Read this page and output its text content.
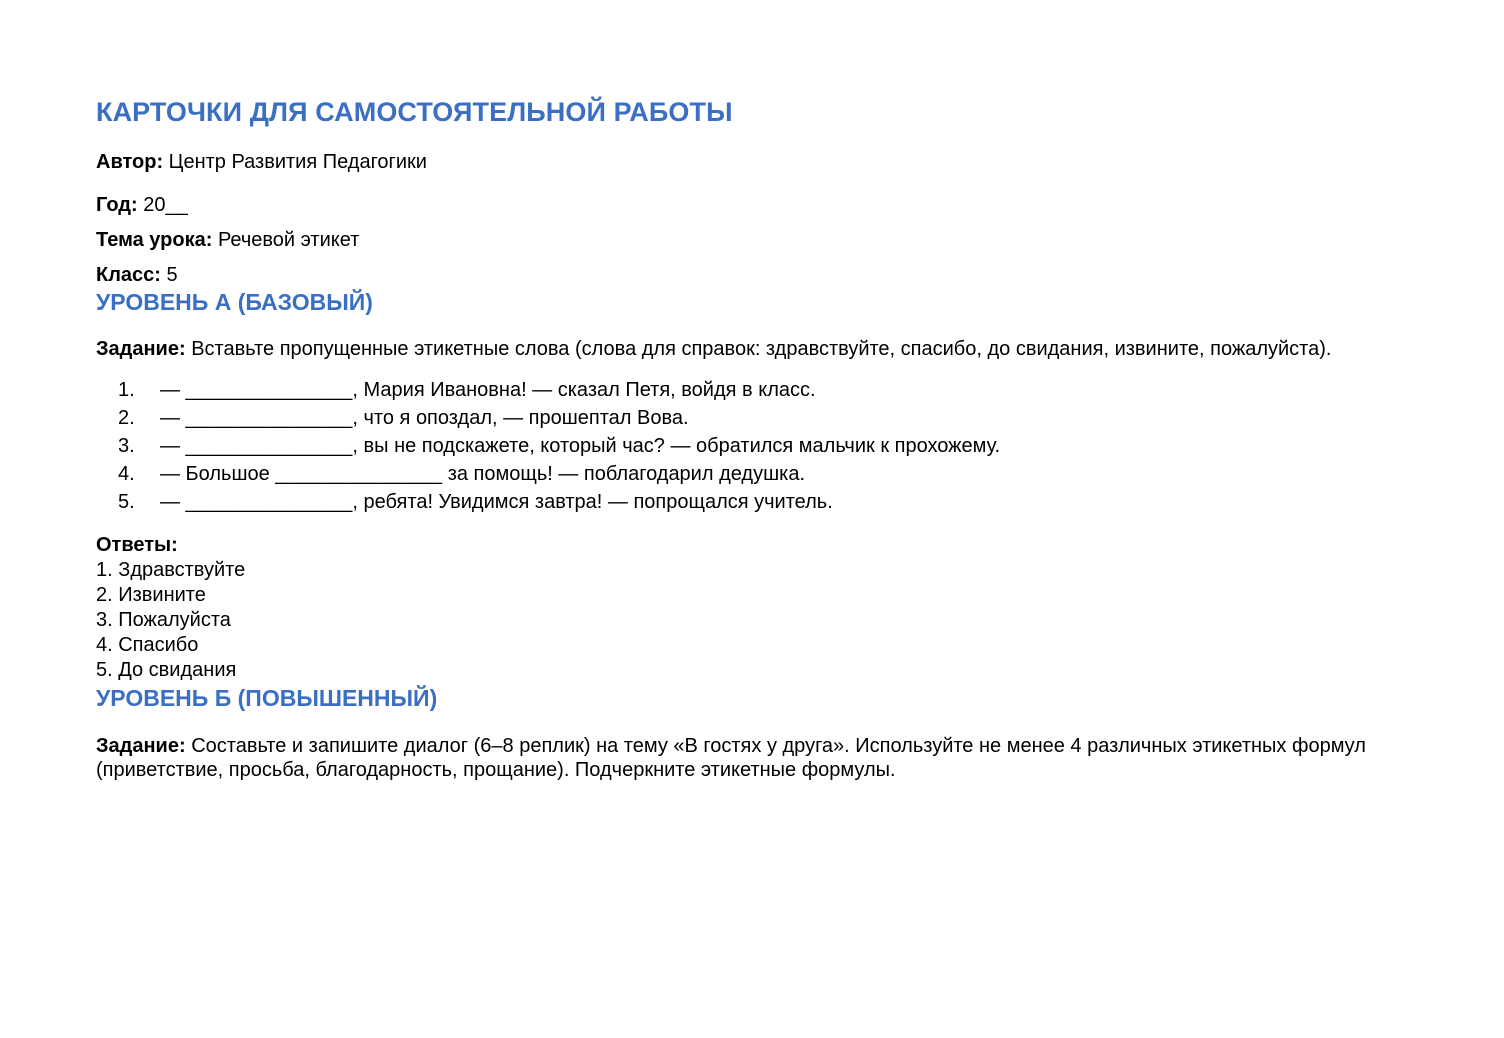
КАРТОЧКИ ДЛЯ САМОСТОЯТЕЛЬНОЙ РАБОТЫ

Автор: Центр Развития Педагогики

Год: 20__

Тема урока: Речевой этикет

Класс: 5

УРОВЕНЬ А (БАЗОВЫЙ)

Задание: Вставьте пропущенные этикетные слова (слова для справок: здравствуйте, спасибо, до свидания, извините, пожалуйста).

1.	— _______________, Мария Ивановна! — сказал Петя, войдя в класс.
2.	— _______________, что я опоздал, — прошептал Вова.
3.	— _______________, вы не подскажете, который час? — обратился мальчик к прохожему.
4.	— Большое _______________ за помощь! — поблагодарил дедушка.
5.	— _______________, ребята! Увидимся завтра! — попрощался учитель.
Ответы:
1. Здравствуйте
2. Извините
3. Пожалуйста
4. Спасибо
5. До свидания
УРОВЕНЬ Б (ПОВЫШЕННЫЙ)

Задание: Составьте и запишите диалог (6–8 реплик) на тему «В гостях у друга». Используйте не менее 4 различных этикетных формул (приветствие, просьба, благодарность, прощание). Подчеркните этикетные формулы.
